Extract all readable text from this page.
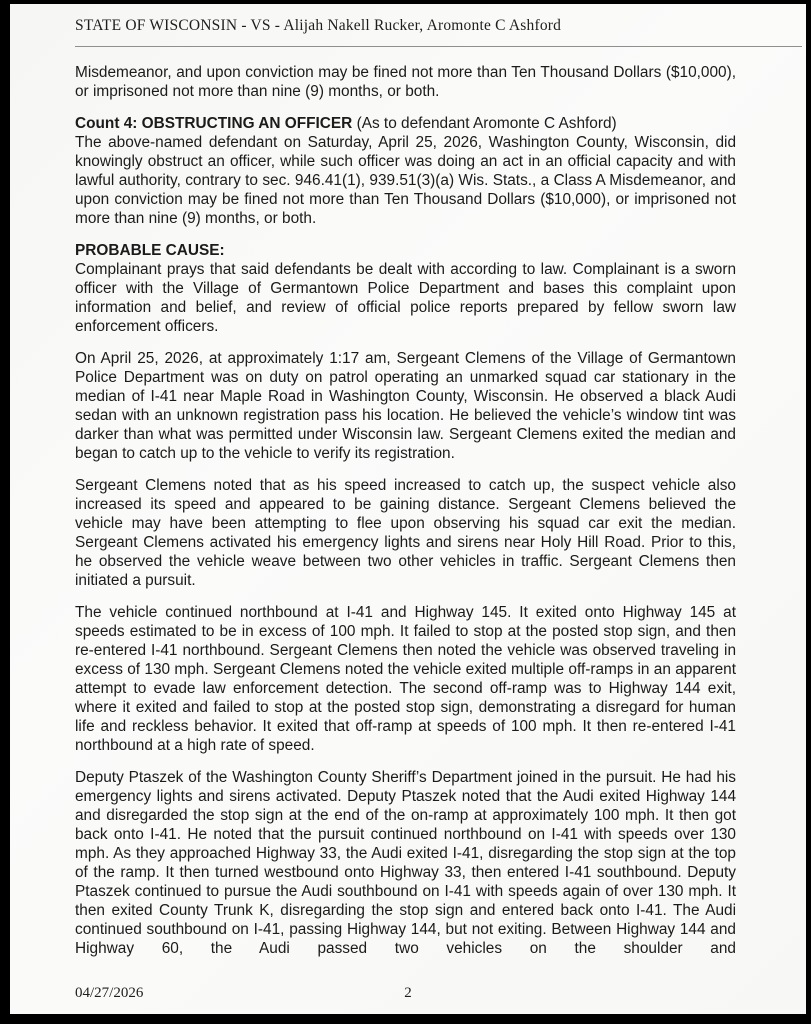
STATE OF WISCONSIN - VS - Alijah Nakell Rucker, Aromonte C Ashford

Misdemeanor, and upon conviction may be fined not more than Ten Thousand Dollars ($10,000), or imprisoned not more than nine (9) months, or both.

Count 4: OBSTRUCTING AN OFFICER (As to defendant Aromonte C Ashford)
The above-named defendant on Saturday, April 25, 2026, Washington County, Wisconsin, did knowingly obstruct an officer, while such officer was doing an act in an official capacity and with lawful authority, contrary to sec. 946.41(1), 939.51(3)(a) Wis. Stats., a Class A Misdemeanor, and upon conviction may be fined not more than Ten Thousand Dollars ($10,000), or imprisoned not more than nine (9) months, or both.
PROBABLE CAUSE:
Complainant prays that said defendants be dealt with according to law. Complainant is a sworn officer with the Village of Germantown Police Department and bases this complaint upon information and belief, and review of official police reports prepared by fellow sworn law enforcement officers.

On April 25, 2026, at approximately 1:17 am, Sergeant Clemens of the Village of Germantown Police Department was on duty on patrol operating an unmarked squad car stationary in the median of I-41 near Maple Road in Washington County, Wisconsin. He observed a black Audi sedan with an unknown registration pass his location. He believed the vehicle’s window tint was darker than what was permitted under Wisconsin law. Sergeant Clemens exited the median and began to catch up to the vehicle to verify its registration.

Sergeant Clemens noted that as his speed increased to catch up, the suspect vehicle also increased its speed and appeared to be gaining distance. Sergeant Clemens believed the vehicle may have been attempting to flee upon observing his squad car exit the median. Sergeant Clemens activated his emergency lights and sirens near Holy Hill Road. Prior to this, he observed the vehicle weave between two other vehicles in traffic. Sergeant Clemens then initiated a pursuit.

The vehicle continued northbound at I-41 and Highway 145. It exited onto Highway 145 at speeds estimated to be in excess of 100 mph. It failed to stop at the posted stop sign, and then re-entered I-41 northbound. Sergeant Clemens then noted the vehicle was observed traveling in excess of 130 mph. Sergeant Clemens noted the vehicle exited multiple off-ramps in an apparent attempt to evade law enforcement detection. The second off-ramp was to Highway 144 exit, where it exited and failed to stop at the posted stop sign, demonstrating a disregard for human life and reckless behavior. It exited that off-ramp at speeds of 100 mph. It then re-entered I-41 northbound at a high rate of speed.

Deputy Ptaszek of the Washington County Sheriff’s Department joined in the pursuit. He had his emergency lights and sirens activated. Deputy Ptaszek noted that the Audi exited Highway 144 and disregarded the stop sign at the end of the on-ramp at approximately 100 mph. It then got back onto I-41. He noted that the pursuit continued northbound on I-41 with speeds over 130 mph. As they approached Highway 33, the Audi exited I-41, disregarding the stop sign at the top of the ramp. It then turned westbound onto Highway 33, then entered I-41 southbound. Deputy Ptaszek continued to pursue the Audi southbound on I-41 with speeds again of over 130 mph. It then exited County Trunk K, disregarding the stop sign and entered back onto I-41. The Audi continued southbound on I-41, passing Highway 144, but not exiting. Between Highway 144 and Highway 60, the Audi passed two vehicles on the shoulder and

04/27/2026	2
